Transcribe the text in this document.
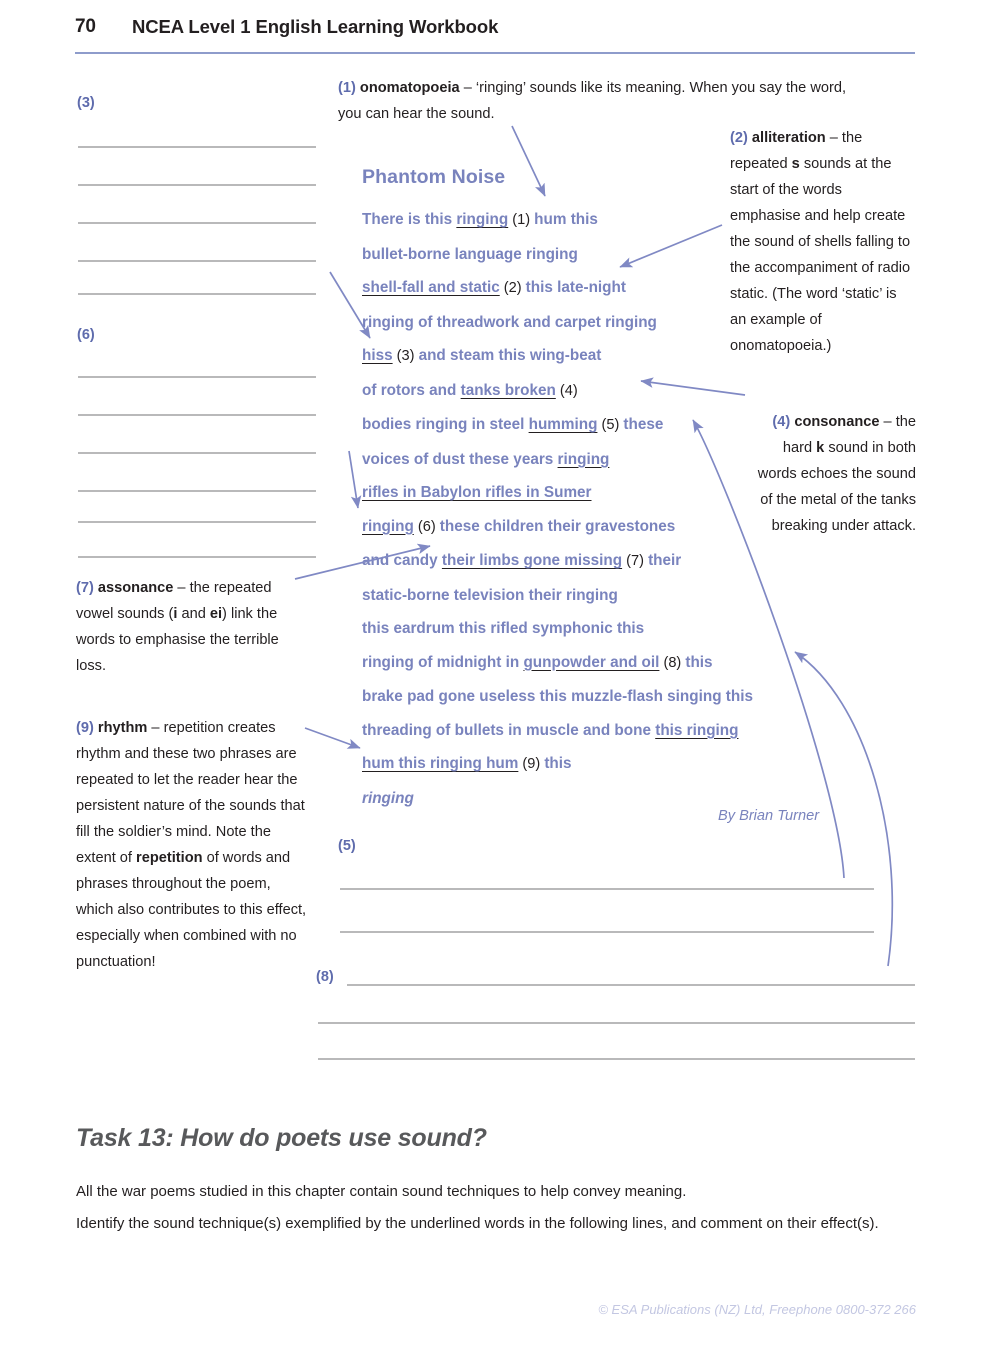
70 NCEA Level 1 English Learning Workbook
(3)
(6)
(1) onomatopoeia – ‘ringing’ sounds like its meaning. When you say the word, you can hear the sound.
(2) alliteration – the repeated s sounds at the start of the words emphasise and help create the sound of shells falling to the accompaniment of radio static. (The word ‘static’ is an example of onomatopoeia.)
(4) consonance – the hard k sound in both words echoes the sound of the metal of the tanks breaking under attack.
(7) assonance – the repeated vowel sounds (i and ei) link the words to emphasise the terrible loss.
(9) rhythm – repetition creates rhythm and these two phrases are repeated to let the reader hear the persistent nature of the sounds that fill the soldier’s mind. Note the extent of repetition of words and phrases throughout the poem, which also contributes to this effect, especially when combined with no punctuation!
Phantom Noise
There is this ringing (1) hum this
bullet-borne language ringing
shell-fall and static (2) this late-night
ringing of threadwork and carpet ringing
hiss (3) and steam this wing-beat
of rotors and tanks broken (4)
bodies ringing in steel humming (5) these
voices of dust these years ringing
rifles in Babylon rifles in Sumer
ringing (6) these children their gravestones
and candy their limbs gone missing (7) their
static-borne television their ringing
this eardrum this rifled symphonic this
ringing of midnight in gunpowder and oil (8) this
brake pad gone useless this muzzle-flash singing this
threading of bullets in muscle and bone this ringing
hum this ringing hum (9) this
ringing
By Brian Turner
(5)
(8)
Task 13: How do poets use sound?
All the war poems studied in this chapter contain sound techniques to help convey meaning.
Identify the sound technique(s) exemplified by the underlined words in the following lines, and comment on their effect(s).
© ESA Publications (NZ) Ltd, Freephone 0800-372 266
